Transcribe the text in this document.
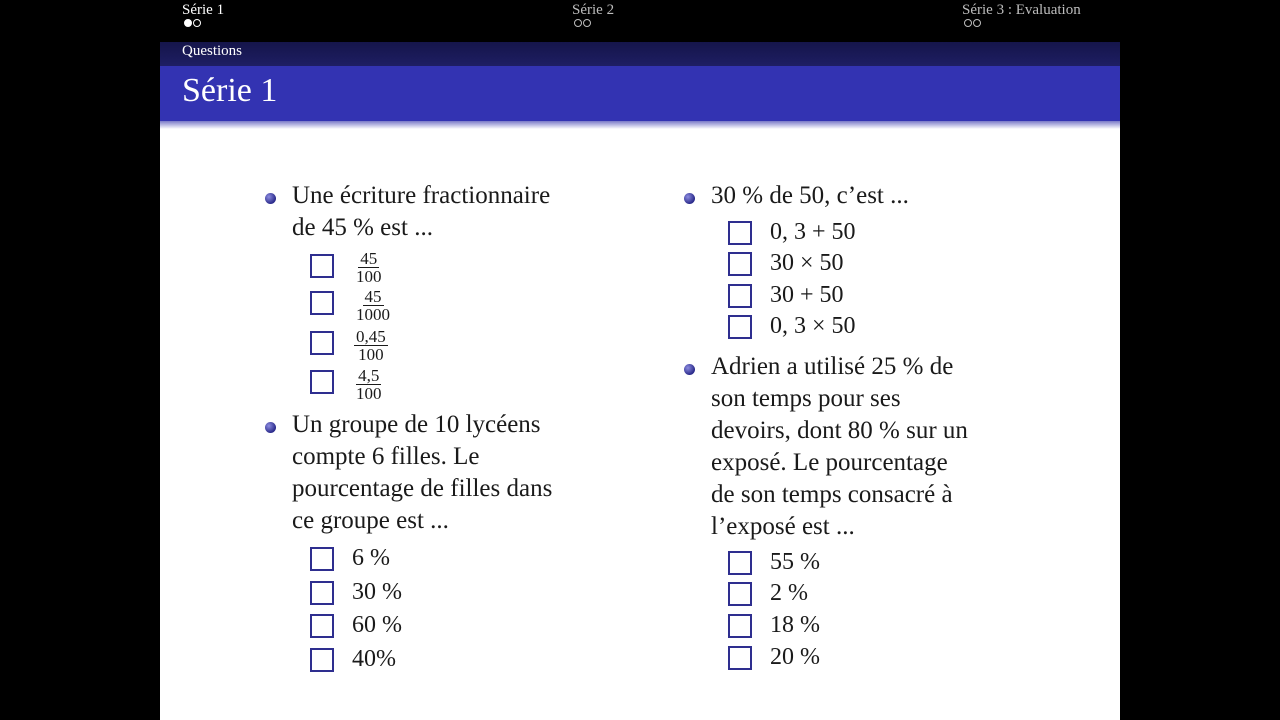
Série 1	Série 2	Série 3 : Evaluation
Questions
Série 1
Une écriture fractionnaire
de 45 % est ...
$\frac{45}{100}$
$\frac{45}{1000}$
$\frac{0,45}{100}$
$\frac{4,5}{100}$
Un groupe de 10 lycéens
compte 6 filles. Le
pourcentage de filles dans
ce groupe est ...
6 %
30 %
60 %
40%
30 % de 50, c’est ...
0, 3 + 50
30 × 50
30 + 50
0, 3 × 50
Adrien a utilisé 25 % de
son temps pour ses
devoirs, dont 80 % sur un
exposé. Le pourcentage
de son temps consacré à
l’exposé est ...
55 %
2 %
18 %
20 %
